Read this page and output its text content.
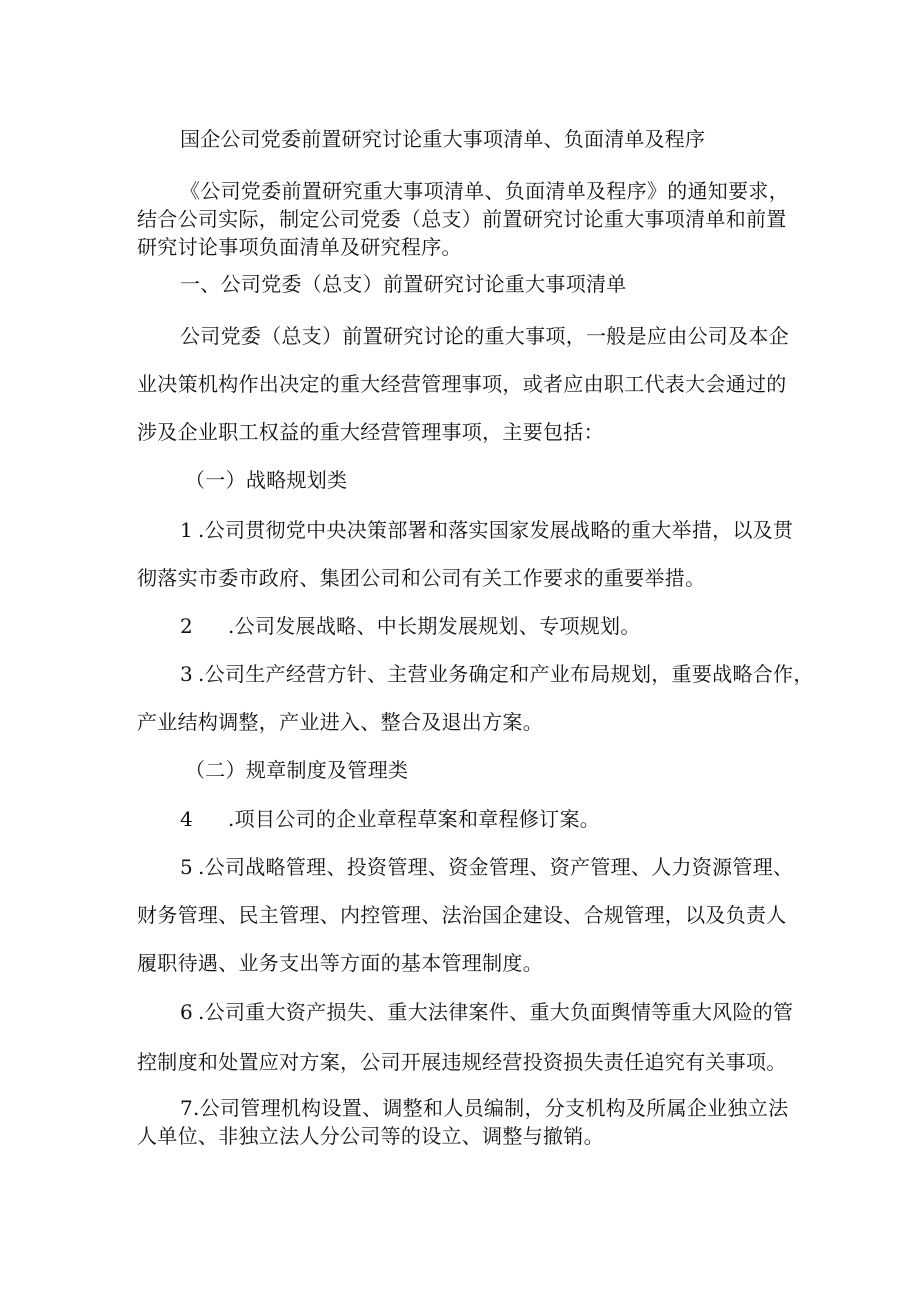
国企公司党委前置研究讨论重大事项清单、负面清单及程序
《公司党委前置研究重大事项清单、负面清单及程序》的通知要求，
结合公司实际，制定公司党委（总支）前置研究讨论重大事项清单和前置
研究讨论事项负面清单及研究程序。
一、公司党委（总支）前置研究讨论重大事项清单
公司党委（总支）前置研究讨论的重大事项，一般是应由公司及本企
业决策机构作出决定的重大经营管理事项，或者应由职工代表大会通过的
涉及企业职工权益的重大经营管理事项，主要包括：
（一）战略规划类
1 .公司贯彻党中央决策部署和落实国家发展战略的重大举措，以及贯
彻落实市委市政府、集团公司和公司有关工作要求的重要举措。
2 .公司发展战略、中长期发展规划、专项规划。
3 .公司生产经营方针、主营业务确定和产业布局规划，重要战略合作，
产业结构调整，产业进入、整合及退出方案。
（二）规章制度及管理类
4 .项目公司的企业章程草案和章程修订案。
5 .公司战略管理、投资管理、资金管理、资产管理、人力资源管理、
财务管理、民主管理、内控管理、法治国企建设、合规管理，以及负责人
履职待遇、业务支出等方面的基本管理制度。
6 .公司重大资产损失、重大法律案件、重大负面舆情等重大风险的管
控制度和处置应对方案，公司开展违规经营投资损失责任追究有关事项。
7.公司管理机构设置、调整和人员编制，分支机构及所属企业独立法
人单位、非独立法人分公司等的设立、调整与撤销。
